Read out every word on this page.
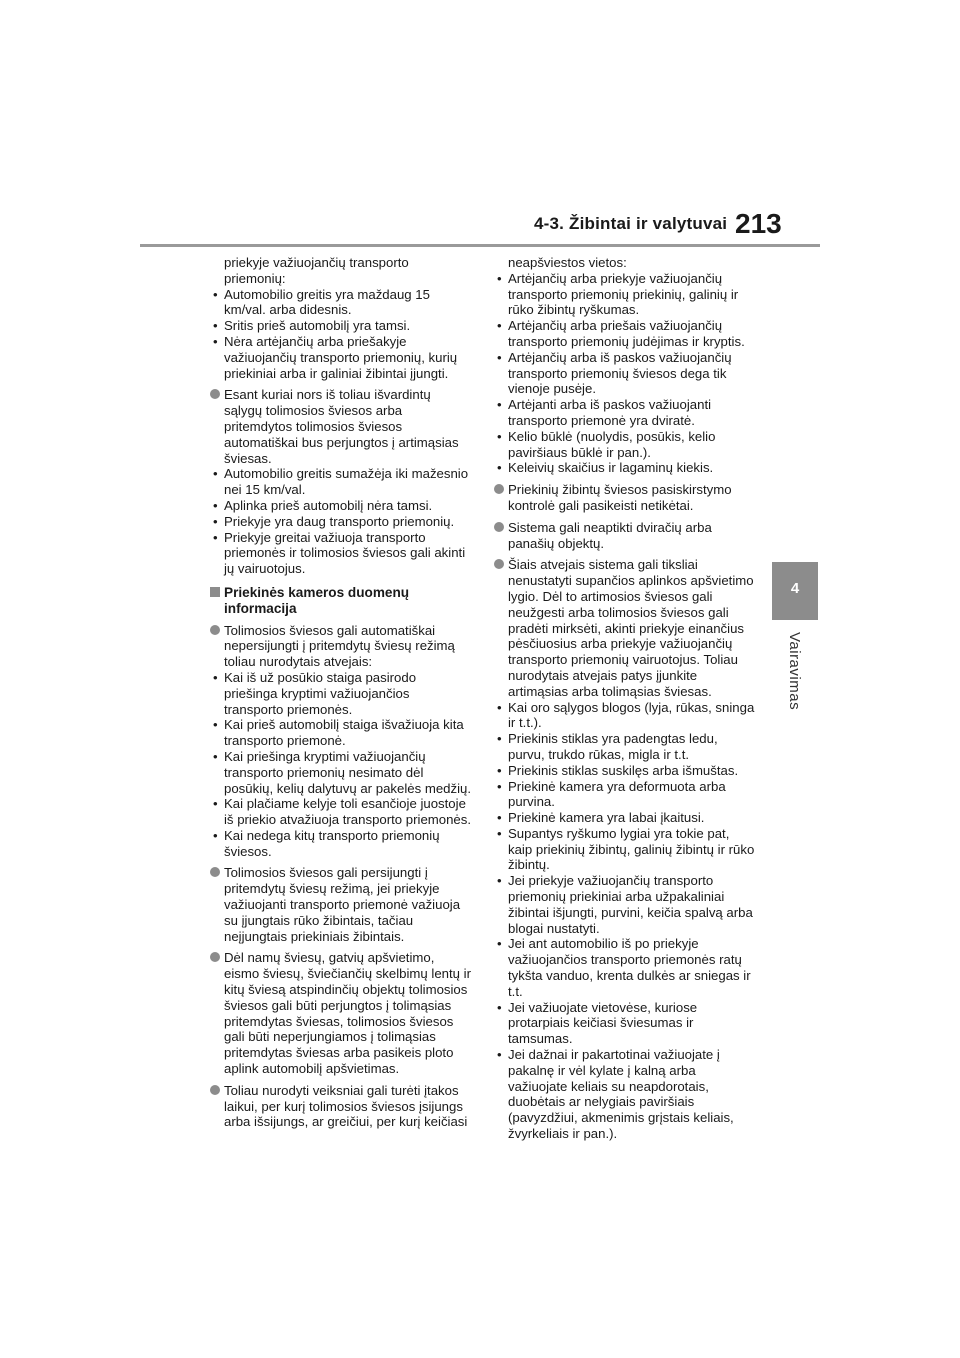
4-3. Žibintai ir valytuvai 213
4
Vairavimas

priekyje važiuojančių transporto priemonių:

• Automobilio greitis yra maždaug 15 km/val. arba didesnis.

• Sritis prieš automobilį yra tamsi.

• Nėra artėjančių arba priešakyje važiuojančių transporto priemonių, kurių priekiniai arba ir galiniai žibintai įjungti.

Esant kuriai nors iš toliau išvardintų sąlygų tolimosios šviesos arba pritemdytos tolimosios šviesos automatiškai bus perjungtos į artimąsias šviesas.

• Automobilio greitis sumažėja iki mažesnio nei 15 km/val.

• Aplinka prieš automobilį nėra tamsi.

• Priekyje yra daug transporto priemonių.

• Priekyje greitai važiuoja transporto priemonės ir tolimosios šviesos gali akinti jų vairuotojus.

Priekinės kameros duomenų informacija

Tolimosios šviesos gali automatiškai nepersijungti į pritemdytų šviesų režimą toliau nurodytais atvejais:

• Kai iš už posūkio staiga pasirodo priešinga kryptimi važiuojančios transporto priemonės.

• Kai prieš automobilį staiga išvažiuoja kita transporto priemonė.

• Kai priešinga kryptimi važiuojančių transporto priemonių nesimato dėl posūkių, kelių dalytuvų ar pakelės medžių.

• Kai plačiame kelyje toli esančioje juostoje iš priekio atvažiuoja transporto priemonės.

• Kai nedega kitų transporto priemonių šviesos.

Tolimosios šviesos gali persijungti į pritemdytų šviesų režimą, jei priekyje važiuojanti transporto priemonė važiuoja su įjungtais rūko žibintais, tačiau neįjungtais priekiniais žibintais.

Dėl namų šviesų, gatvių apšvietimo, eismo šviesų, šviečiančių skelbimų lentų ir kitų šviesą atspindinčių objektų tolimosios šviesos gali būti perjungtos į tolimąsias pritemdytas šviesas, tolimosios šviesos gali būti neperjungiamos į tolimąsias pritemdytas šviesas arba pasikeis ploto aplink automobilį apšvietimas.

Toliau nurodyti veiksniai gali turėti įtakos laikui, per kurį tolimosios šviesos įsijungs arba išsijungs, ar greičiui, per kurį keičiasi

neapšviestos vietos:

• Artėjančių arba priekyje važiuojančių transporto priemonių priekinių, galinių ir rūko žibintų ryškumas.

• Artėjančių arba priešais važiuojančių transporto priemonių judėjimas ir kryptis.

• Artėjančių arba iš paskos važiuojančių transporto priemonių šviesos dega tik vienoje pusėje.

• Artėjanti arba iš paskos važiuojanti transporto priemonė yra dviratė.

• Kelio būklė (nuolydis, posūkis, kelio paviršiaus būklė ir pan.).

• Keleivių skaičius ir lagaminų kiekis.

Priekinių žibintų šviesos pasiskirstymo kontrolė gali pasikeisti netikėtai.

Sistema gali neaptikti dviračių arba panašių objektų.

Šiais atvejais sistema gali tiksliai nenustatyti supančios aplinkos apšvietimo lygio. Dėl to artimosios šviesos gali neužgesti arba tolimosios šviesos gali pradėti mirksėti, akinti priekyje einančius pėsčiuosius arba priekyje važiuojančių transporto priemonių vairuotojus. Toliau nurodytais atvejais patys įjunkite artimąsias arba tolimąsias šviesas.

• Kai oro sąlygos blogos (lyja, rūkas, sninga ir t.t.).

• Priekinis stiklas yra padengtas ledu, purvu, trukdo rūkas, migla ir t.t.

• Priekinis stiklas suskilęs arba išmuštas.

• Priekinė kamera yra deformuota arba purvina.

• Priekinė kamera yra labai įkaitusi.

• Supantys ryškumo lygiai yra tokie pat, kaip priekinių žibintų, galinių žibintų ir rūko žibintų.

• Jei priekyje važiuojančių transporto priemonių priekiniai arba užpakaliniai žibintai išjungti, purvini, keičia spalvą arba blogai nustatyti.

• Jei ant automobilio iš po priekyje važiuojančios transporto priemonės ratų tykšta vanduo, krenta dulkės ar sniegas ir t.t.

• Jei važiuojate vietovėse, kuriose protarpiais keičiasi šviesumas ir tamsumas.

• Jei dažnai ir pakartotinai važiuojate į pakalnę ir vėl kylate į kalną arba važiuojate keliais su neapdorotais, duobėtais ar nelygiais paviršiais (pavyzdžiui, akmenimis grįstais keliais, žvyrkeliais ir pan.).
